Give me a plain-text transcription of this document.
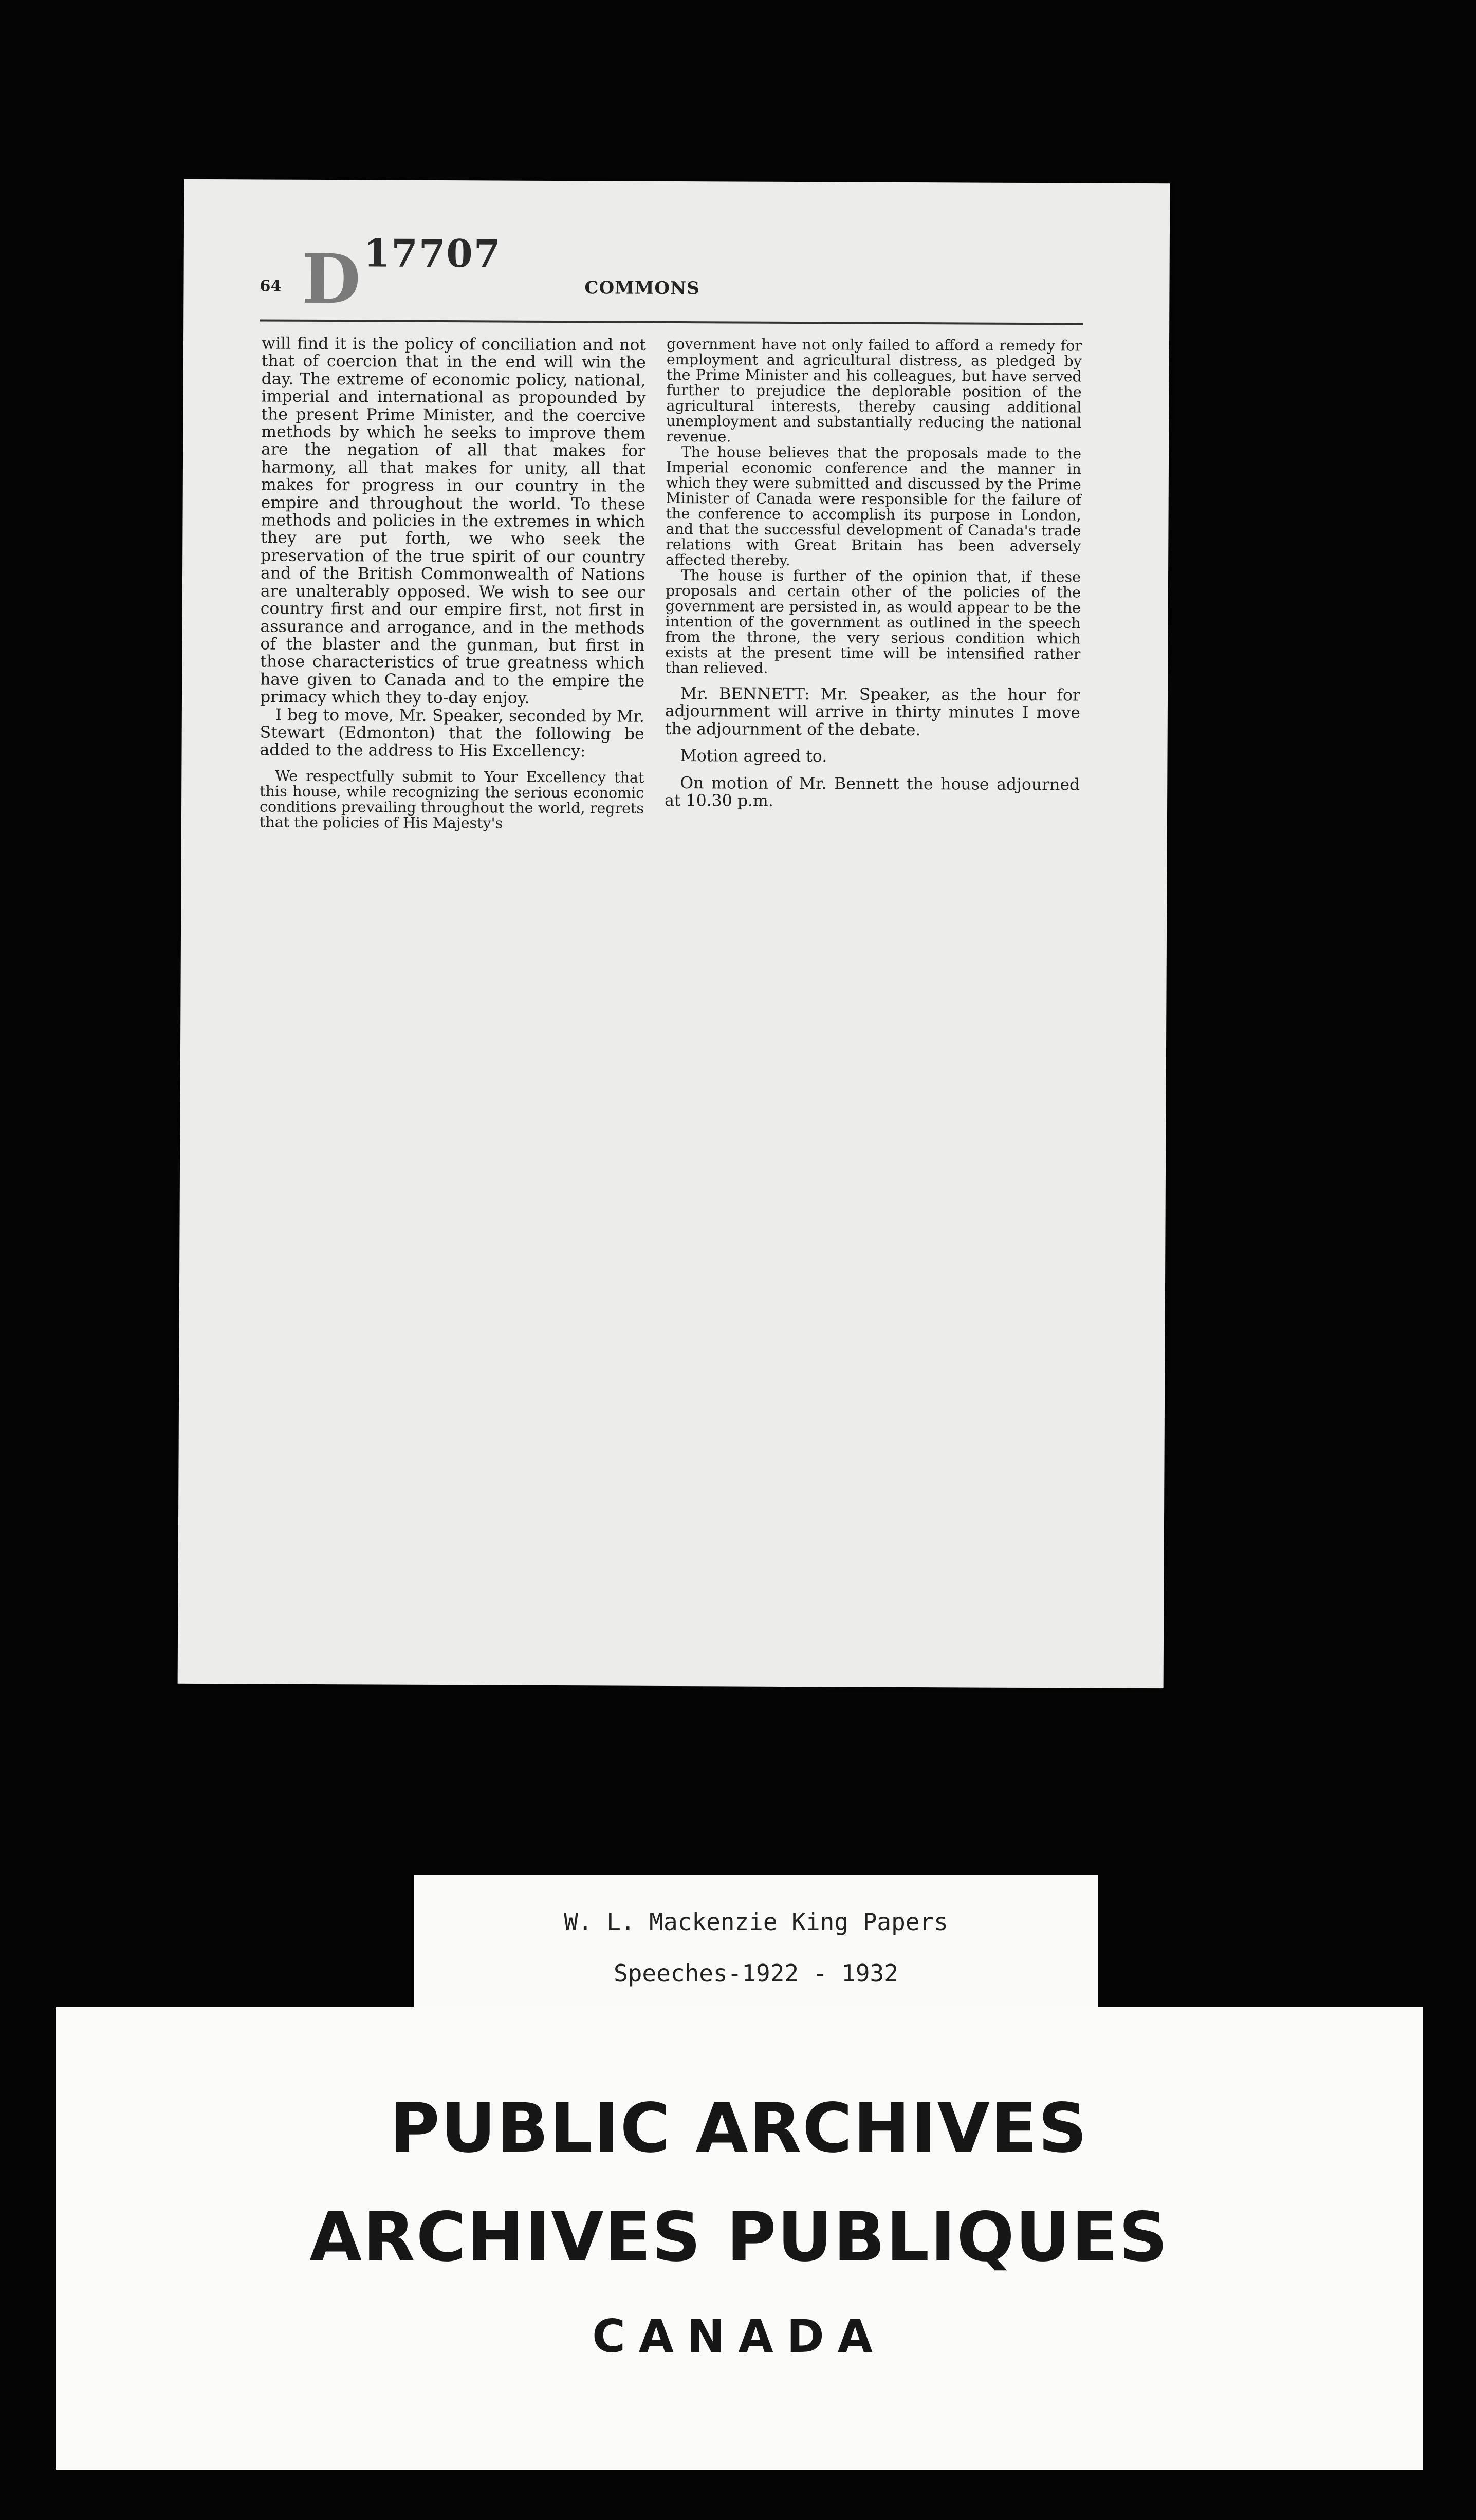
64 D 17707
COMMONS

will find it is the policy of conciliation and not that of coercion that in the end will win the day. The extreme of economic policy, national, imperial and international as propounded by the present Prime Minister, and the coercive methods by which he seeks to improve them are the negation of all that makes for harmony, all that makes for unity, all that makes for progress in our country in the empire and throughout the world. To these methods and policies in the extremes in which they are put forth, we who seek the preservation of the true spirit of our country and of the British Commonwealth of Nations are unalterably opposed. We wish to see our country first and our empire first, not first in assurance and arrogance, and in the methods of the blaster and the gunman, but first in those characteristics of true greatness which have given to Canada and to the empire the primacy which they to-day enjoy.

I beg to move, Mr. Speaker, seconded by Mr. Stewart (Edmonton) that the following be added to the address to His Excellency:

We respectfully submit to Your Excellency that this house, while recognizing the serious economic conditions prevailing throughout the world, regrets that the policies of His Majesty's

government have not only failed to afford a remedy for employment and agricultural distress, as pledged by the Prime Minister and his colleagues, but have served further to prejudice the deplorable position of the agricultural interests, thereby causing additional unemployment and substantially reducing the national revenue.

The house believes that the proposals made to the Imperial economic conference and the manner in which they were submitted and discussed by the Prime Minister of Canada were responsible for the failure of the conference to accomplish its purpose in London, and that the successful development of Canada's trade relations with Great Britain has been adversely affected thereby.

The house is further of the opinion that, if these proposals and certain other of the policies of the government are persisted in, as would appear to be the intention of the government as outlined in the speech from the throne, the very serious condition which exists at the present time will be intensified rather than relieved.

Mr. BENNETT: Mr. Speaker, as the hour for adjournment will arrive in thirty minutes I move the adjournment of the debate.

Motion agreed to.

On motion of Mr. Bennett the house adjourned at 10.30 p.m.

W. L. Mackenzie King Papers
Speeches-1922 - 1932
PUBLIC ARCHIVES
ARCHIVES PUBLIQUES
CANADA
